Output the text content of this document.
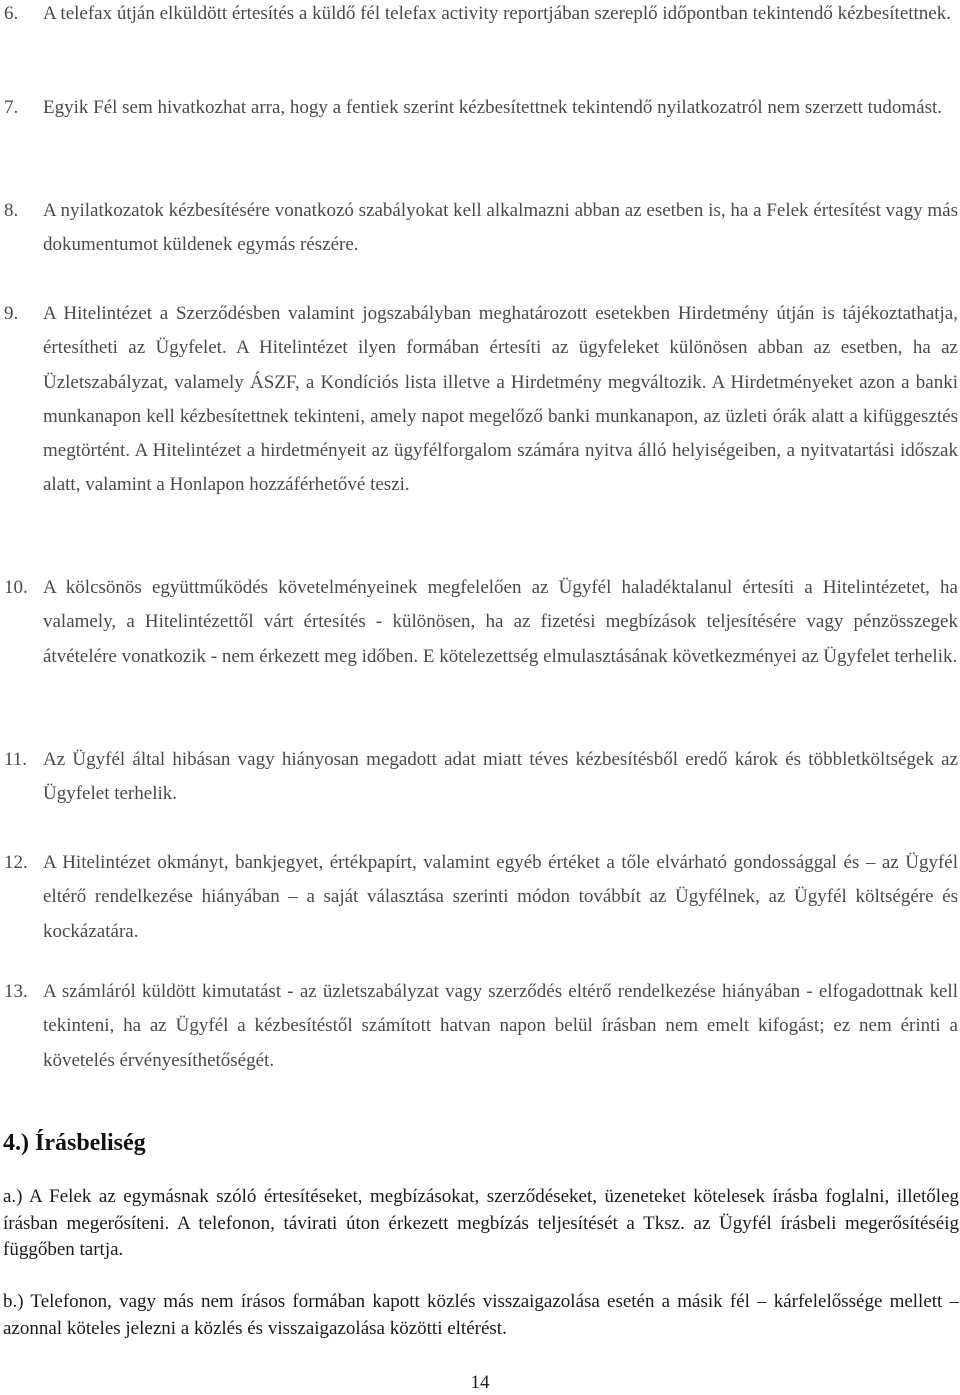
6. A telefax útján elküldött értesítés a küldő fél telefax activity reportjában szereplő időpontban tekintendő kézbesítettnek.
7. Egyik Fél sem hivatkozhat arra, hogy a fentiek szerint kézbesítettnek tekintendő nyilatkozatról nem szerzett tudomást.
8. A nyilatkozatok kézbesítésére vonatkozó szabályokat kell alkalmazni abban az esetben is, ha a Felek értesítést vagy más dokumentumot küldenek egymás részére.
9. A Hitelintézet a Szerződésben valamint jogszabályban meghatározott esetekben Hirdetmény útján is tájékoztathatja, értesítheti az Ügyfelet. A Hitelintézet ilyen formában értesíti az ügyfeleket különösen abban az esetben, ha az Üzletszabályzat, valamely ÁSZF, a Kondíciós lista illetve a Hirdetmény megváltozik. A Hirdetményeket azon a banki munkanapon kell kézbesítettnek tekinteni, amely napot megelőző banki munkanapon, az üzleti órák alatt a kifüggesztés megtörtént. A Hitelintézet a hirdetményeit az ügyfélforgalom számára nyitva álló helyiségeiben, a nyitvatartási időszak alatt, valamint a Honlapon hozzáférhetővé teszi.
10. A kölcsönös együttműködés követelményeinek megfelelően az Ügyfél haladéktalanul értesíti a Hitelintézetet, ha valamely, a Hitelintézettől várt értesítés - különösen, ha az fizetési megbízások teljesítésére vagy pénzösszegek átvételére vonatkozik - nem érkezett meg időben. E kötelezettség elmulasztásának következményei az Ügyfelet terhelik.
11. Az Ügyfél által hibásan vagy hiányosan megadott adat miatt téves kézbesítésből eredő károk és többletköltségek az Ügyfelet terhelik.
12. A Hitelintézet okmányt, bankjegyet, értékpapírt, valamint egyéb értéket a tőle elvárható gondossággal és – az Ügyfél eltérő rendelkezése hiányában – a saját választása szerinti módon továbbít az Ügyfélnek, az Ügyfél költségére és kockázatára.
13. A számláról küldött kimutatást - az üzletszabályzat vagy szerződés eltérő rendelkezése hiányában - elfogadottnak kell tekinteni, ha az Ügyfél a kézbesítéstől számított hatvan napon belül írásban nem emelt kifogást; ez nem érinti a követelés érvényesíthetőségét.
4.) Írásbeliség
a.) A Felek az egymásnak szóló értesítéseket, megbízásokat, szerződéseket, üzeneteket kötelesek írásba foglalni, illetőleg írásban megerősíteni. A telefonon, távirati úton érkezett megbízás teljesítését a Tksz. az Ügyfél írásbeli megerősítéséig függőben tartja.
b.) Telefonon, vagy más nem írásos formában kapott közlés visszaigazolása esetén a másik fél – kárfelelőssége mellett – azonnal köteles jelezni a közlés és visszaigazolása közötti eltérést.
14
